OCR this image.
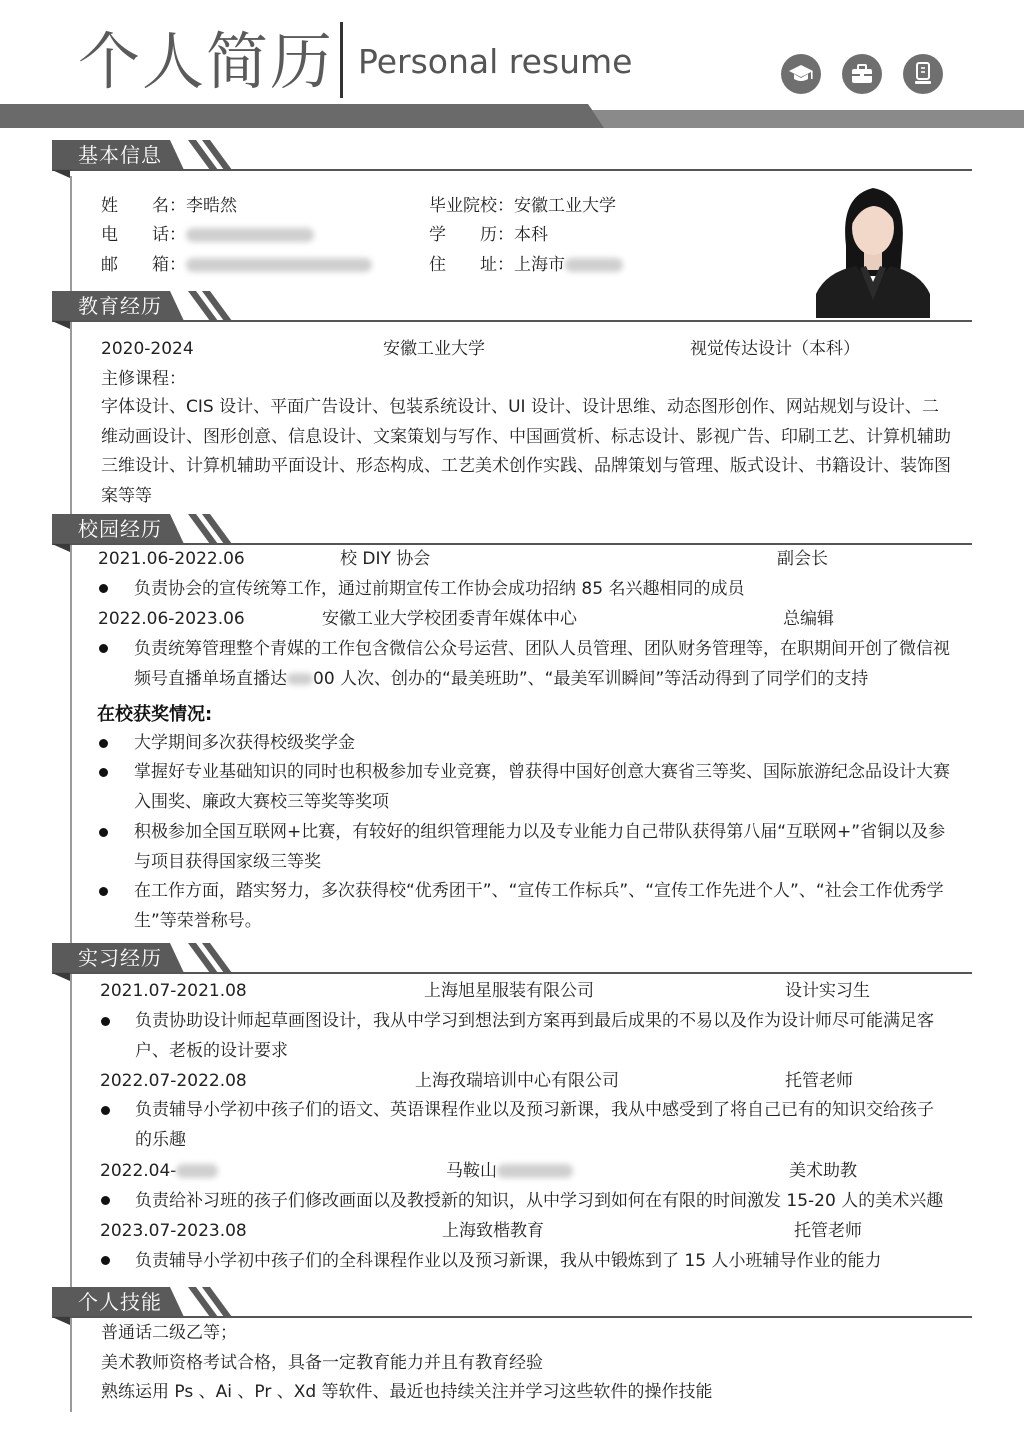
个人简历 Personal resume
基本信息
姓　　名：李晧然
电　　话：
邮　　箱：
毕业院校：安徽工业大学
学　　历：本科
住　　址：上海市
教育经历
2020-2024	安徽工业大学	视觉传达设计（本科）
主修课程：
字体设计、CIS 设计、平面广告设计、包装系统设计、UI 设计、设计思维、动态图形创作、网站规划与设计、二维动画设计、图形创意、信息设计、文案策划与写作、中国画赏析、标志设计、影视广告、印刷工艺、计算机辅助三维设计、计算机辅助平面设计、形态构成、工艺美术创作实践、品牌策划与管理、版式设计、书籍设计、装饰图案等等
校园经历
2021.06-2022.06	校 DIY 协会	副会长
负责协会的宣传统筹工作，通过前期宣传工作协会成功招纳 85 名兴趣相同的成员
2022.06-2023.06	安徽工业大学校团委青年媒体中心	总编辑
负责统筹管理整个青媒的工作包含微信公众号运营、团队人员管理、团队财务管理等，在职期间开创了微信视频号直播单场直播达 00 人次、创办的“最美班助”、“最美军训瞬间”等活动得到了同学们的支持
在校获奖情况:
大学期间多次获得校级奖学金
掌握好专业基础知识的同时也积极参加专业竞赛，曾获得中国好创意大赛省三等奖、国际旅游纪念品设计大赛入围奖、廉政大赛校三等奖等奖项
积极参加全国互联网+比赛，有较好的组织管理能力以及专业能力自己带队获得第八届“互联网+”省铜以及参与项目获得国家级三等奖
在工作方面，踏实努力，多次获得校“优秀团干”、“宣传工作标兵”、“宣传工作先进个人”、“社会工作优秀学生”等荣誉称号。
实习经历
2021.07-2021.08	上海旭星服装有限公司	设计实习生
负责协助设计师起草画图设计，我从中学习到想法到方案再到最后成果的不易以及作为设计师尽可能满足客户、老板的设计要求
2022.07-2022.08	上海孜瑞培训中心有限公司	托管老师
负责辅导小学初中孩子们的语文、英语课程作业以及预习新课，我从中感受到了将自己已有的知识交给孩子的乐趣
2022.04-	马鞍山	美术助教
负责给补习班的孩子们修改画面以及教授新的知识，从中学习到如何在有限的时间激发 15-20 人的美术兴趣
2023.07-2023.08	上海致楷教育	托管老师
负责辅导小学初中孩子们的全科课程作业以及预习新课，我从中锻炼到了 15 人小班辅导作业的能力
个人技能
普通话二级乙等；
美术教师资格考试合格，具备一定教育能力并且有教育经验
熟练运用 Ps 、Ai 、Pr 、Xd 等软件、最近也持续关注并学习这些软件的操作技能
